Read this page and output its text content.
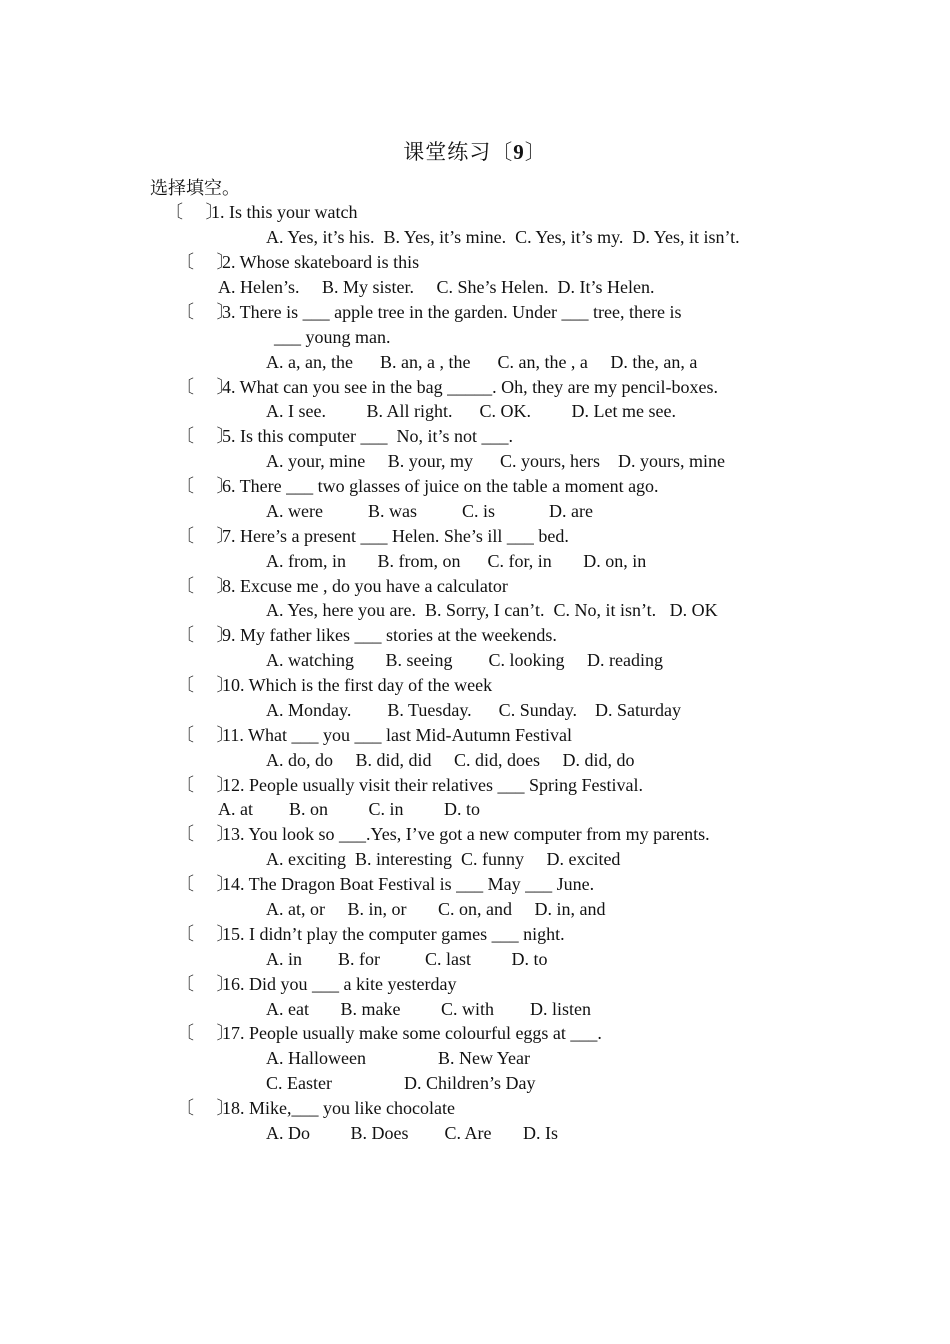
课堂练习〔9〕
选择填空。
〔　 〕1. Is this your watch
A. Yes, it’s his.  B. Yes, it’s mine.  C. Yes, it’s my.  D. Yes, it isn’t.
〔　 〕2. Whose skateboard is this
A. Helen’s.     B. My sister.     C. She’s Helen.  D. It’s Helen.
〔　 〕3. There is ___ apple tree in the garden. Under ___ tree, there is
___ young man.
A. a, an, the      B. an, a , the      C. an, the , a     D. the, an, a
〔　 〕4. What can you see in the bag _____. Oh, they are my pencil-boxes.
A. I see.         B. All right.      C. OK.         D. Let me see.
〔　 〕5. Is this computer ___  No, it’s not ___.
A. your, mine     B. your, my      C. yours, hers    D. yours, mine
〔　 〕6. There ___ two glasses of juice on the table a moment ago.
A. were          B. was          C. is            D. are
〔　 〕7. Here’s a present ___ Helen. She’s ill ___ bed.
A. from, in       B. from, on      C. for, in       D. on, in
〔　 〕8. Excuse me , do you have a calculator
A. Yes, here you are.  B. Sorry, I can’t.  C. No, it isn’t.   D. OK
〔　 〕9. My father likes ___ stories at the weekends.
A. watching       B. seeing        C. looking     D. reading
〔　 〕10. Which is the first day of the week
A. Monday.        B. Tuesday.      C. Sunday.    D. Saturday
〔　 〕11. What ___ you ___ last Mid-Autumn Festival
A. do, do     B. did, did     C. did, does     D. did, do
〔　 〕12. People usually visit their relatives ___ Spring Festival.
A. at        B. on         C. in         D. to
〔　 〕13. You look so ___.Yes, I’ve got a new computer from my parents.
A. exciting  B. interesting  C. funny     D. excited
〔　 〕14. The Dragon Boat Festival is ___ May ___ June.
A. at, or     B. in, or       C. on, and     D. in, and
〔　 〕15. I didn’t play the computer games ___ night.
A. in        B. for          C. last         D. to
〔　 〕16. Did you ___ a kite yesterday
A. eat       B. make         C. with        D. listen
〔　 〕17. People usually make some colourful eggs at ___.
A. Halloween                B. New Year
C. Easter                D. Children’s Day
〔　 〕18. Mike,___ you like chocolate
A. Do         B. Does        C. Are       D. Is
